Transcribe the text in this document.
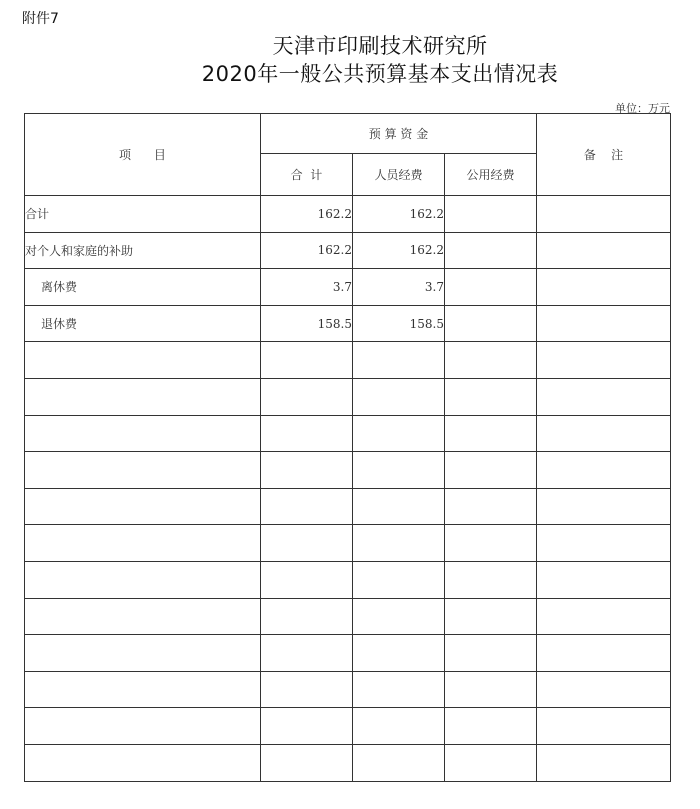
附件7
天津市印刷技术研究所
2020年一般公共预算基本支出情况表
单位：万元
项      目	预 算 资 金			备    注
	合  计	人员经费	公用经费	
合计	162.2	162.2		
对个人和家庭的补助	162.2	162.2		
离休费	3.7	3.7		
退休费	158.5	158.5		
